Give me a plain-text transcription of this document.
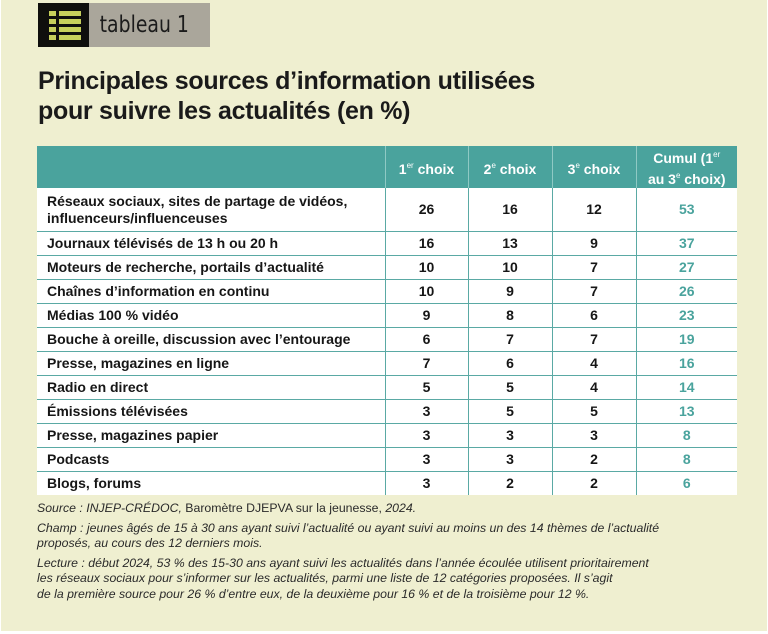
tableau 1
Principales sources d’information utilisées
pour suivre les actualités (en %)
	1er choix	2e choix	3e choix	Cumul (1er
au 3e choix)
Réseaux sociaux, sites de partage de vidéos,
influenceurs/influenceuses	26	16	12	53
Journaux télévisés de 13 h ou 20 h	16	13	9	37
Moteurs de recherche, portails d’actualité	10	10	7	27
Chaînes d’information en continu	10	9	7	26
Médias 100 % vidéo	9	8	6	23
Bouche à oreille, discussion avec l’entourage	6	7	7	19
Presse, magazines en ligne	7	6	4	16
Radio en direct	5	5	4	14
Émissions télévisées	3	5	5	13
Presse, magazines papier	3	3	3	8
Podcasts	3	3	2	8
Blogs, forums	3	2	2	6

Source : INJEP-CRÉDOC, Baromètre DJEPVA sur la jeunesse, 2024.

Champ : jeunes âgés de 15 à 30 ans ayant suivi l’actualité ou ayant suivi au moins un des 14 thèmes de l’actualité
proposés, au cours des 12 derniers mois.

Lecture : début 2024, 53 % des 15-30 ans ayant suivi les actualités dans l’année écoulée utilisent prioritairement
les réseaux sociaux pour s’informer sur les actualités, parmi une liste de 12 catégories proposées. Il s’agit
de la première source pour 26 % d’entre eux, de la deuxième pour 16 % et de la troisième pour 12 %.
